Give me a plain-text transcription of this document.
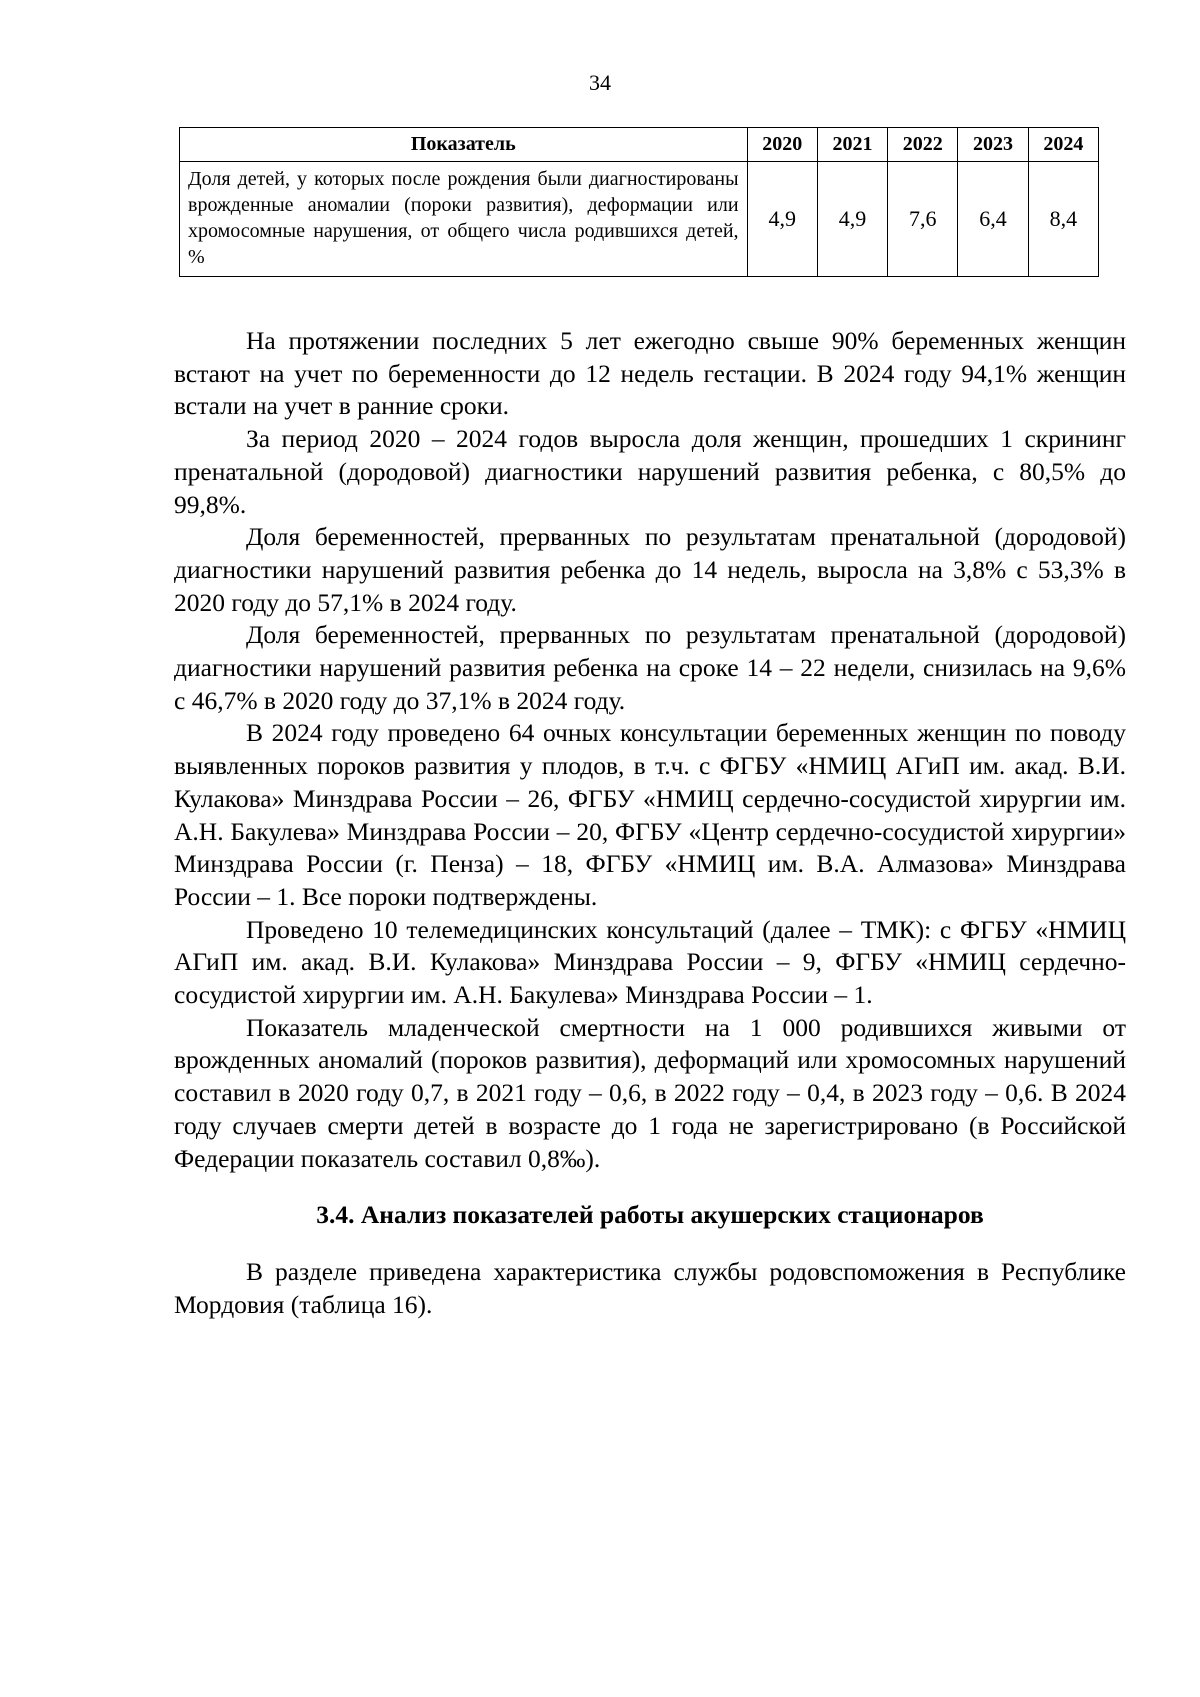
34
Показатель	2020	2021	2022	2023	2024
Доля детей, у которых после рождения были диагностированы врожденные аномалии (пороки развития), деформации или хромосомные нарушения, от общего числа родившихся детей, %	4,9	4,9	7,6	6,4	8,4

На протяжении последних 5 лет ежегодно свыше 90% беременных женщин встают на учет по беременности до 12 недель гестации. В 2024 году 94,1% женщин встали на учет в ранние сроки.

За период 2020 – 2024 годов выросла доля женщин, прошедших 1 скрининг пренатальной (дородовой) диагностики нарушений развития ребенка, с 80,5% до 99,8%.

Доля беременностей, прерванных по результатам пренатальной (дородовой) диагностики нарушений развития ребенка до 14 недель, выросла на 3,8% с 53,3% в 2020 году до 57,1% в 2024 году.

Доля беременностей, прерванных по результатам пренатальной (дородовой) диагностики нарушений развития ребенка на сроке 14 – 22 недели, снизилась на 9,6% с 46,7% в 2020 году до 37,1% в 2024 году.

В 2024 году проведено 64 очных консультации беременных женщин по поводу выявленных пороков развития у плодов, в т.ч. с ФГБУ «НМИЦ АГиП им. акад. В.И. Кулакова» Минздрава России – 26, ФГБУ «НМИЦ сердечно-сосудистой хирургии им. А.Н. Бакулева» Минздрава России – 20, ФГБУ «Центр сердечно-сосудистой хирургии» Минздрава России (г. Пенза) – 18, ФГБУ «НМИЦ им. В.А. Алмазова» Минздрава России – 1. Все пороки подтверждены.

Проведено 10 телемедицинских консультаций (далее – ТМК): с ФГБУ «НМИЦ АГиП им. акад. В.И. Кулакова» Минздрава России – 9, ФГБУ «НМИЦ сердечно-сосудистой хирургии им. А.Н. Бакулева» Минздрава России – 1.

Показатель младенческой смертности на 1 000 родившихся живыми от врожденных аномалий (пороков развития), деформаций или хромосомных нарушений составил в 2020 году 0,7, в 2021 году – 0,6, в 2022 году – 0,4, в 2023 году – 0,6. В 2024 году случаев смерти детей в возрасте до 1 года не зарегистрировано (в Российской Федерации показатель составил 0,8‰).

3.4. Анализ показателей работы акушерских стационаров

В разделе приведена характеристика службы родовспоможения в Республике Мордовия (таблица 16).
